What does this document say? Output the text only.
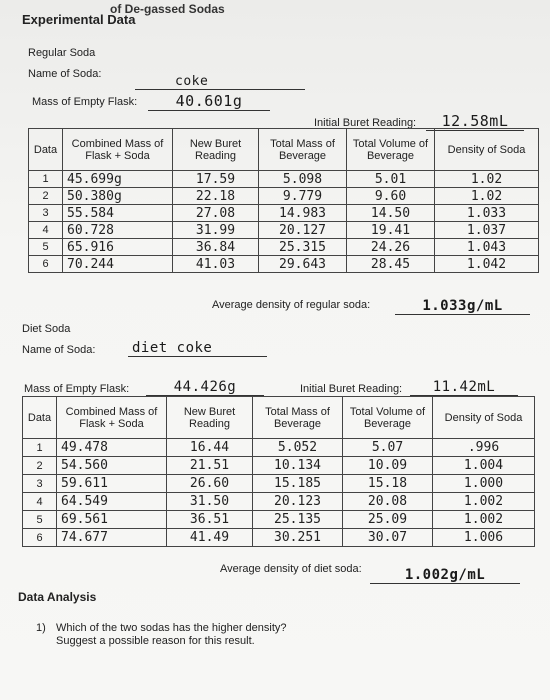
of De-gassed Sodas
Experimental Data
Regular Soda
Name of Soda:	coke
Mass of Empty Flask:	40.601g
Initial Buret Reading:	12.58mL
Data	Combined Mass of Flask + Soda	New Buret Reading	Total Mass of Beverage	Total Volume of Beverage	Density of Soda
1	45.699g	17.59	5.098	5.01	1.02
2	50.380g	22.18	9.779	9.60	1.02
3	55.584	27.08	14.983	14.50	1.033
4	60.728	31.99	20.127	19.41	1.037
5	65.916	36.84	25.315	24.26	1.043
6	70.244	41.03	29.643	28.45	1.042
Average density of regular soda:	1.033g/mL
Diet Soda
Name of Soda:	diet coke
Mass of Empty Flask:	44.426g	Initial Buret Reading:	11.42mL
Data	Combined Mass of Flask + Soda	New Buret Reading	Total Mass of Beverage	Total Volume of Beverage	Density of Soda
1	49.478	16.44	5.052	5.07	.996
2	54.560	21.51	10.134	10.09	1.004
3	59.611	26.60	15.185	15.18	1.000
4	64.549	31.50	20.123	20.08	1.002
5	69.561	36.51	25.135	25.09	1.002
6	74.677	41.49	30.251	30.07	1.006
Average density of diet soda:	1.002g/mL
Data Analysis
1) Which of the two sodas has the higher density?
Suggest a possible reason for this result.
